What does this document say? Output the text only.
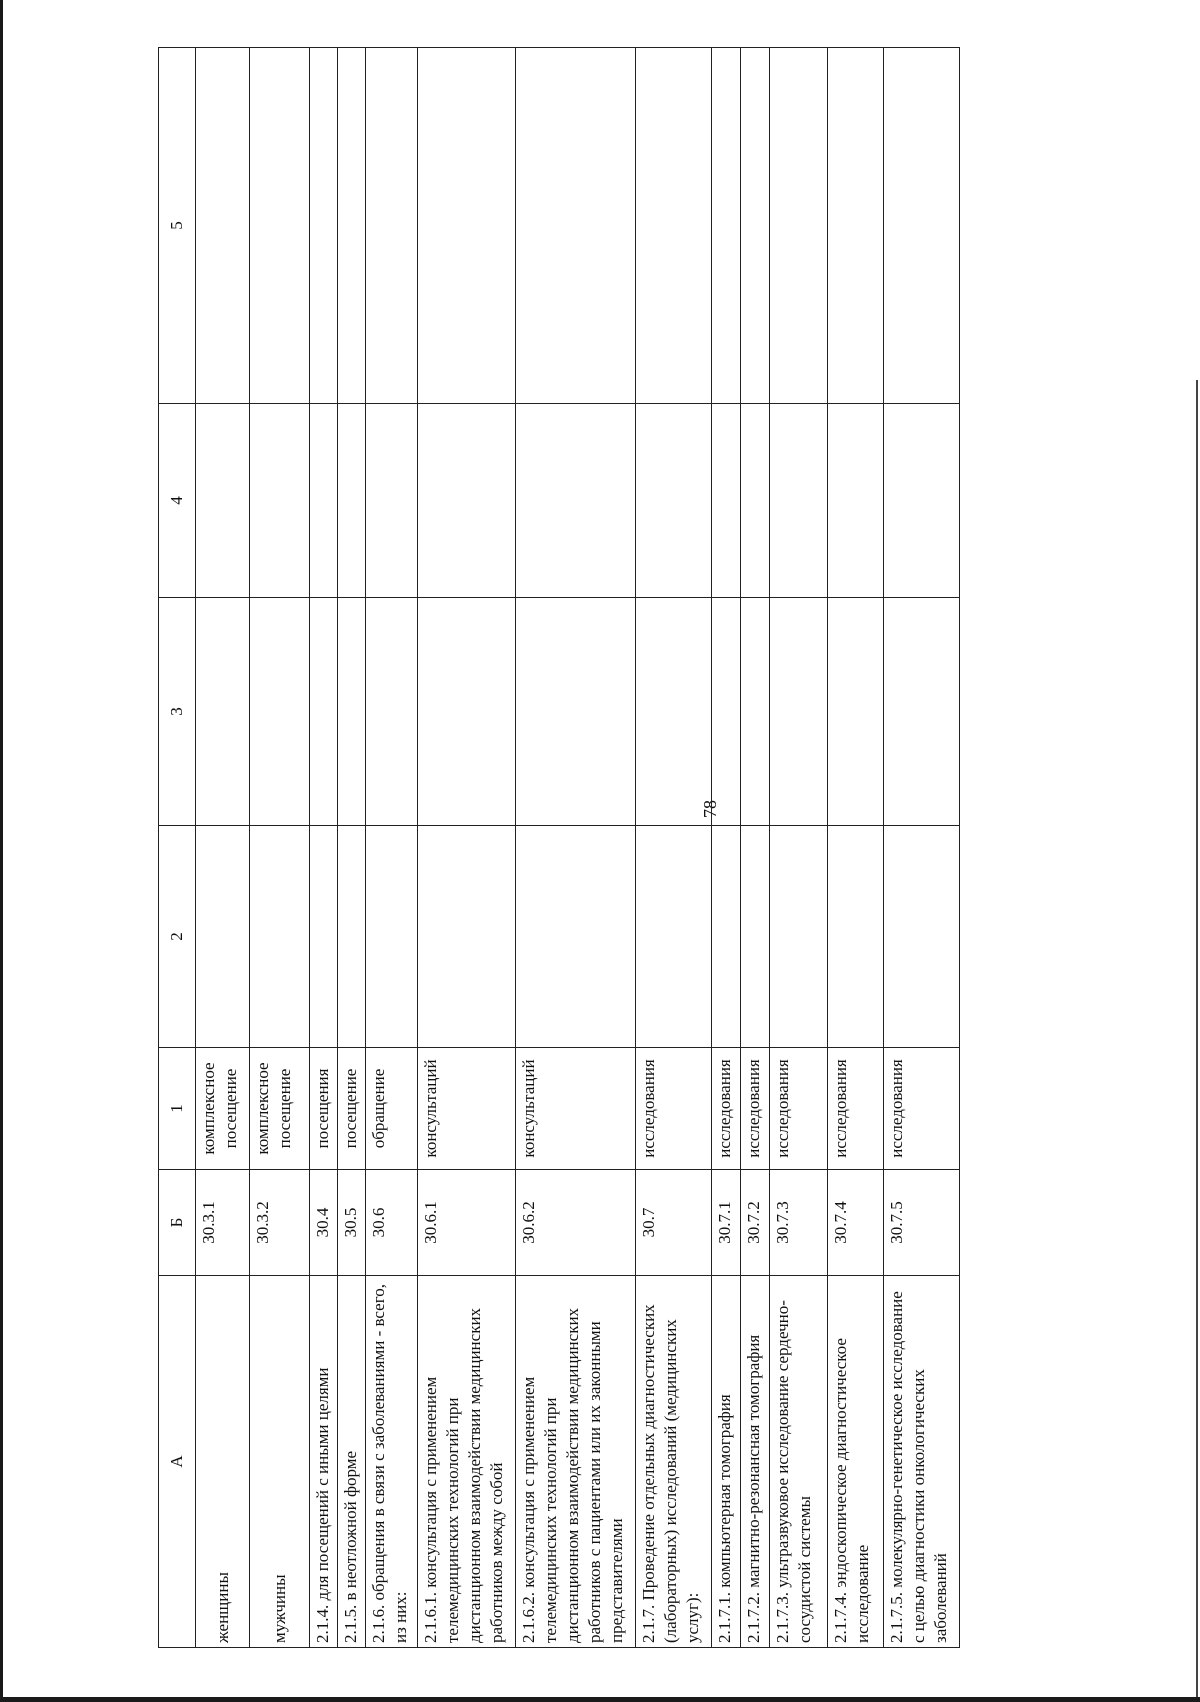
78
А	Б	1	2	3	4	5
женщины	30.3.1	комплексное посещение				
мужчины	30.3.2	комплексное посещение				
2.1.4. для посещений с иными целями	30.4	посещения				
2.1.5. в неотложной форме	30.5	посещение				
2.1.6. обращения в связи с заболеваниями - всего, из них:	30.6	обращение				
2.1.6.1. консультация с применением телемедицинских технологий при дистанционном взаимодействии медицинских работников между собой	30.6.1	консультаций				
2.1.6.2. консультация с применением телемедицинских технологий при дистанционном взаимодействии медицинских работников с пациентами или их законными представителями	30.6.2	консультаций				
2.1.7. Проведение отдельных диагностических (лабораторных) исследований (медицинских услуг):	30.7	исследования				
2.1.7.1. компьютерная томография	30.7.1	исследования				
2.1.7.2. магнитно-резонансная томография	30.7.2	исследования				
2.1.7.3. ультразвуковое исследование сердечно-сосудистой системы	30.7.3	исследования				
2.1.7.4. эндоскопическое диагностическое исследование	30.7.4	исследования				
2.1.7.5. молекулярно-генетическое исследование с целью диагностики онкологических заболеваний	30.7.5	исследования				
